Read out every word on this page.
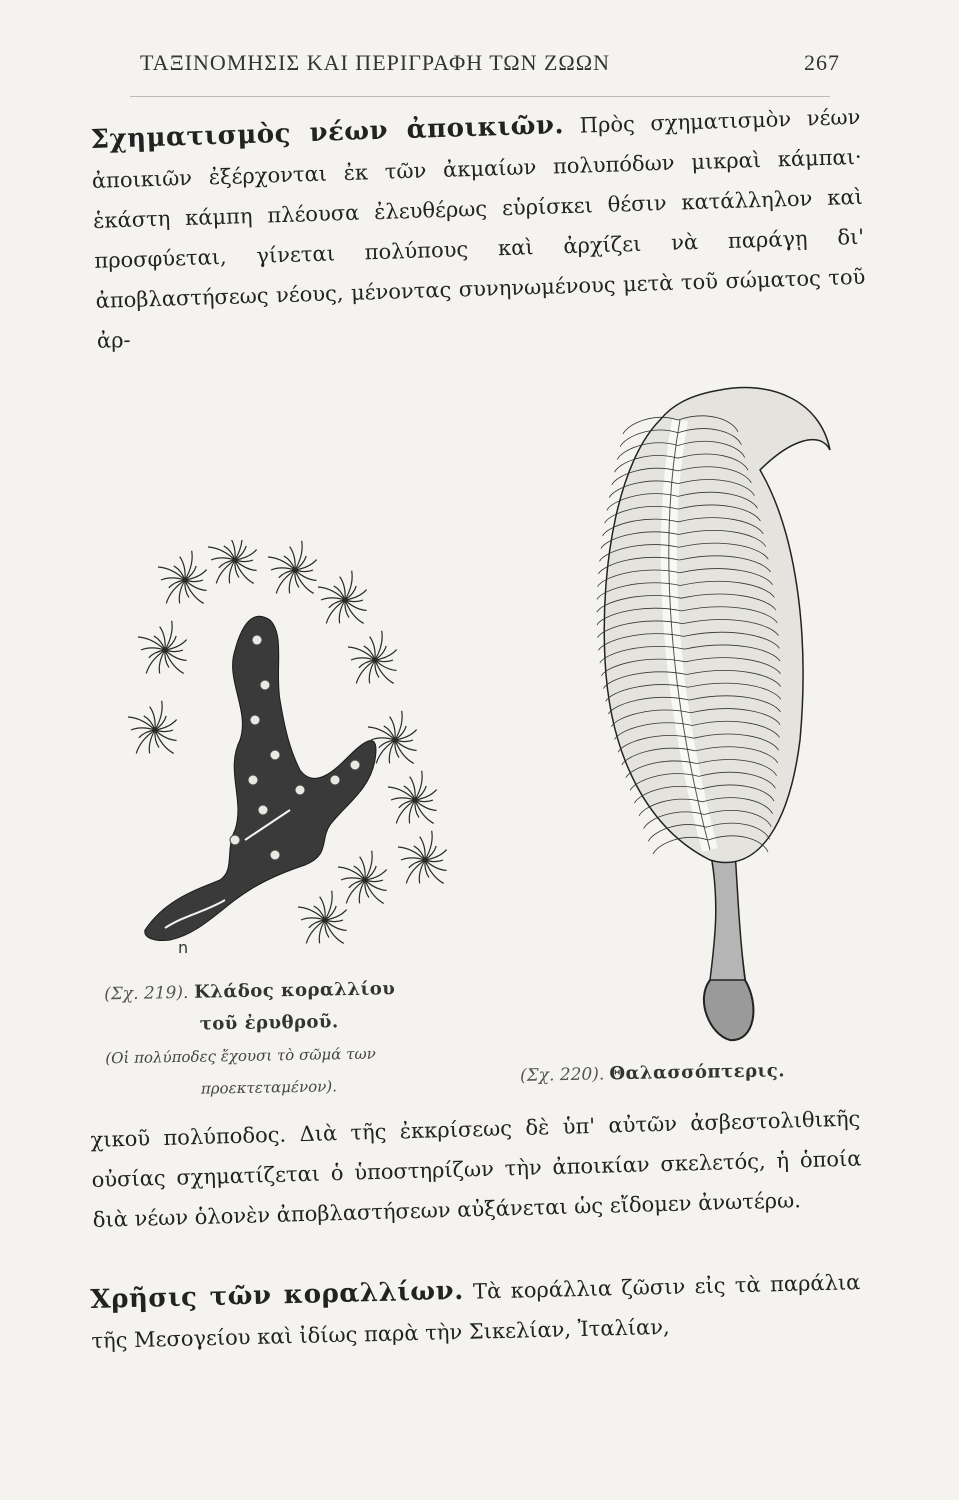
ΤΑΞΙΝΟΜΗΣΙΣ ΚΑΙ ΠΕΡΙΓΡΑΦΗ ΤΩΝ ΖΩΩΝ	267
Σχηματισμὸς νέων ἀποικιῶν. Πρὸς σχηματισμὸν νέων ἀποικιῶν ἐξέρχονται ἐκ τῶν ἀκμαίων πολυπόδων μικραὶ κάμπαι· ἑκάστη κάμπη πλέουσα ἐλευθέρως εὑρίσκει θέσιν κατάλληλον καὶ προσφύεται, γίνεται πολύπους καὶ ἀρχίζει νὰ παράγῃ δι' ἀποβλαστήσεως νέους, μένοντας συνηνωμένους μετὰ τοῦ σώματος τοῦ ἀρ-
n
(Σχ. 219). Κλάδος κοραλλίου
τοῦ ἐρυθροῦ.
(Οἱ πολύποδες ἔχουσι τὸ σῶμά των
προεκτεταμένον).
(Σχ. 220). Θαλασσόπτερις.
χικοῦ πολύποδος. Διὰ τῆς ἐκκρίσεως δὲ ὑπ' αὐτῶν ἀσβεστολιθικῆς οὐσίας σχηματίζεται ὁ ὑποστηρίζων τὴν ἀποικίαν σκελετός, ἡ ὁποία διὰ νέων ὁλονὲν ἀποβλαστήσεων αὐξάνεται ὡς εἴδομεν ἀνωτέρω.
Χρῆσις τῶν κοραλλίων. Τὰ κοράλλια ζῶσιν εἰς τὰ παράλια τῆς Μεσογείου καὶ ἰδίως παρὰ τὴν Σικελίαν, Ἰταλίαν,
